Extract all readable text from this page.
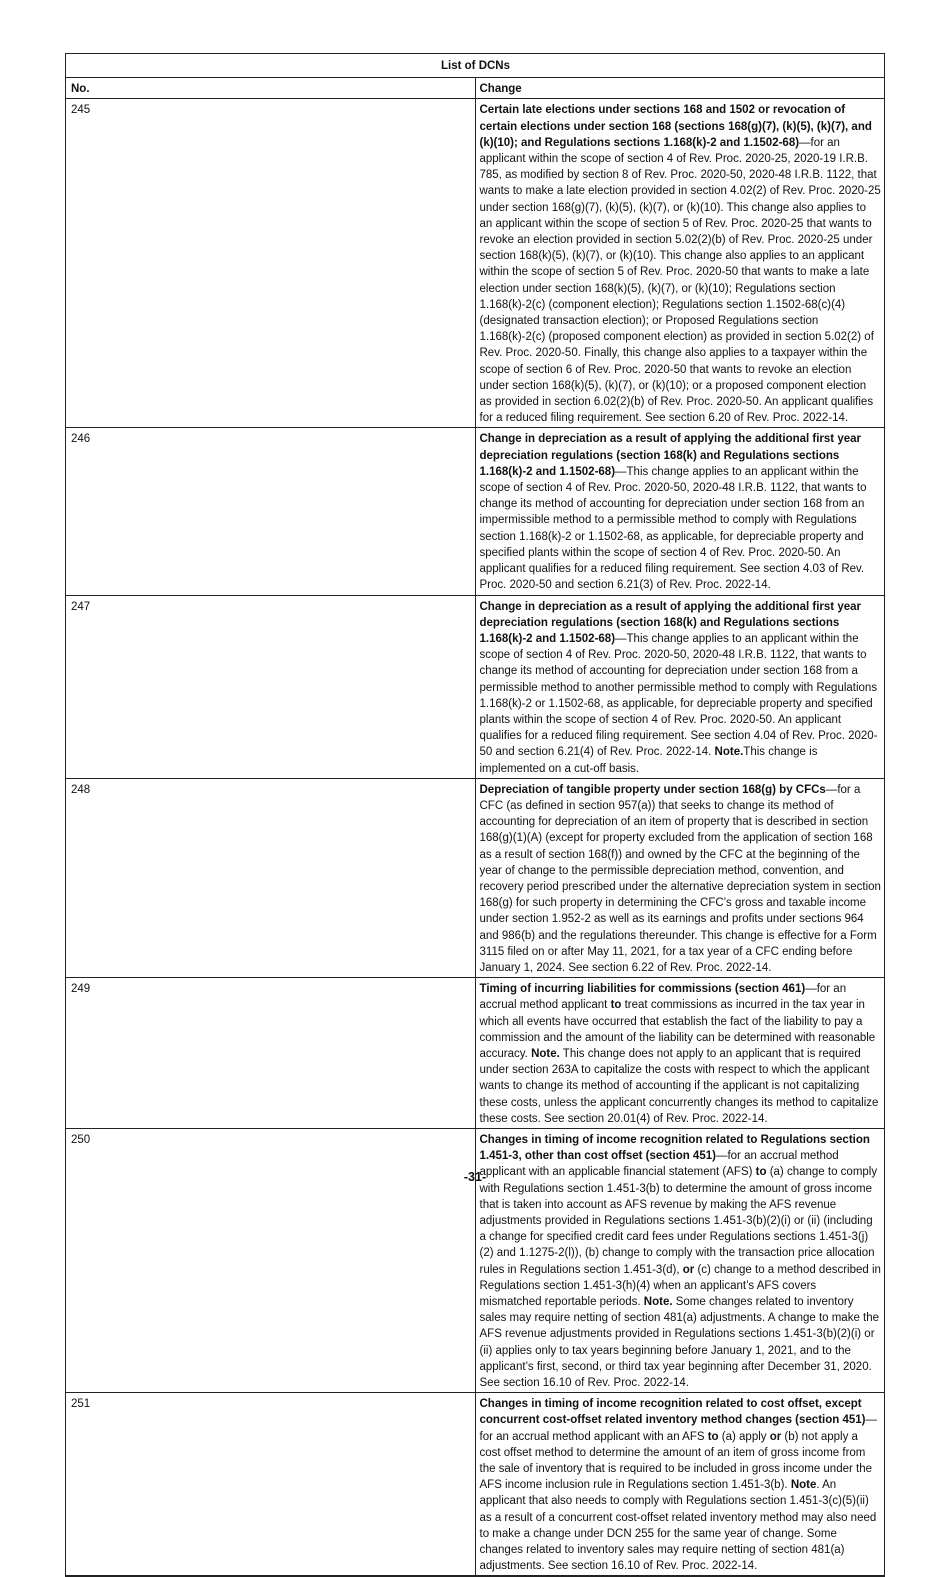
List of DCNs	
No.	Change
245	Certain late elections under sections 168 and 1502 or revocation of certain elections under section 168 (sections 168(g)(7), (k)(5), (k)(7), and (k)(10); and Regulations sections 1.168(k)-2 and 1.1502-68)—for an applicant within the scope of section 4 of Rev. Proc. 2020-25, 2020-19 I.R.B. 785, as modified by section 8 of Rev. Proc. 2020-50, 2020-48 I.R.B. 1122, that wants to make a late election provided in section 4.02(2) of Rev. Proc. 2020-25 under section 168(g)(7), (k)(5), (k)(7), or (k)(10). This change also applies to an applicant within the scope of section 5 of Rev. Proc. 2020-25 that wants to revoke an election provided in section 5.02(2)(b) of Rev. Proc. 2020-25 under section 168(k)(5), (k)(7), or (k)(10). This change also applies to an applicant within the scope of section 5 of Rev. Proc. 2020-50 that wants to make a late election under section 168(k)(5), (k)(7), or (k)(10); Regulations section 1.168(k)-2(c) (component election); Regulations section 1.1502-68(c)(4) (designated transaction election); or Proposed Regulations section 1.168(k)-2(c) (proposed component election) as provided in section 5.02(2) of Rev. Proc. 2020-50. Finally, this change also applies to a taxpayer within the scope of section 6 of Rev. Proc. 2020-50 that wants to revoke an election under section 168(k)(5), (k)(7), or (k)(10); or a proposed component election as provided in section 6.02(2)(b) of Rev. Proc. 2020-50. An applicant qualifies for a reduced filing requirement. See section 6.20 of Rev. Proc. 2022-14.
246	Change in depreciation as a result of applying the additional first year depreciation regulations (section 168(k) and Regulations sections 1.168(k)-2 and 1.1502-68)—This change applies to an applicant within the scope of section 4 of Rev. Proc. 2020-50, 2020-48 I.R.B. 1122, that wants to change its method of accounting for depreciation under section 168 from an impermissible method to a permissible method to comply with Regulations section 1.168(k)-2 or 1.1502-68, as applicable, for depreciable property and specified plants within the scope of section 4 of Rev. Proc. 2020-50. An applicant qualifies for a reduced filing requirement. See section 4.03 of Rev. Proc. 2020-50 and section 6.21(3) of Rev. Proc. 2022-14.
247	Change in depreciation as a result of applying the additional first year depreciation regulations (section 168(k) and Regulations sections 1.168(k)-2 and 1.1502-68)—This change applies to an applicant within the scope of section 4 of Rev. Proc. 2020-50, 2020-48 I.R.B. 1122, that wants to change its method of accounting for depreciation under section 168 from a permissible method to another permissible method to comply with Regulations 1.168(k)-2 or 1.1502-68, as applicable, for depreciable property and specified plants within the scope of section 4 of Rev. Proc. 2020-50. An applicant qualifies for a reduced filing requirement. See section 4.04 of Rev. Proc. 2020-50 and section 6.21(4) of Rev. Proc. 2022-14. Note.This change is implemented on a cut-off basis.
248	Depreciation of tangible property under section 168(g) by CFCs—for a CFC (as defined in section 957(a)) that seeks to change its method of accounting for depreciation of an item of property that is described in section 168(g)(1)(A) (except for property excluded from the application of section 168 as a result of section 168(f)) and owned by the CFC at the beginning of the year of change to the permissible depreciation method, convention, and recovery period prescribed under the alternative depreciation system in section 168(g) for such property in determining the CFC’s gross and taxable income under section 1.952-2 as well as its earnings and profits under sections 964 and 986(b) and the regulations thereunder. This change is effective for a Form 3115 filed on or after May 11, 2021, for a tax year of a CFC ending before January 1, 2024. See section 6.22 of Rev. Proc. 2022-14.
249	Timing of incurring liabilities for commissions (section 461)—for an accrual method applicant to treat commissions as incurred in the tax year in which all events have occurred that establish the fact of the liability to pay a commission and the amount of the liability can be determined with reasonable accuracy. Note. This change does not apply to an applicant that is required under section 263A to capitalize the costs with respect to which the applicant wants to change its method of accounting if the applicant is not capitalizing these costs, unless the applicant concurrently changes its method to capitalize these costs. See section 20.01(4) of Rev. Proc. 2022-14.
250	Changes in timing of income recognition related to Regulations section 1.451-3, other than cost offset (section 451)—for an accrual method applicant with an applicable financial statement (AFS) to (a) change to comply with Regulations section 1.451-3(b) to determine the amount of gross income that is taken into account as AFS revenue by making the AFS revenue adjustments provided in Regulations sections 1.451-3(b)(2)(i) or (ii) (including a change for specified credit card fees under Regulations sections 1.451-3(j)(2) and 1.1275-2(l)), (b) change to comply with the transaction price allocation rules in Regulations section 1.451-3(d), or (c) change to a method described in Regulations section 1.451-3(h)(4) when an applicant’s AFS covers mismatched reportable periods. Note. Some changes related to inventory sales may require netting of section 481(a) adjustments. A change to make the AFS revenue adjustments provided in Regulations sections 1.451-3(b)(2)(i) or (ii) applies only to tax years beginning before January 1, 2021, and to the applicant’s first, second, or third tax year beginning after December 31, 2020. See section 16.10 of Rev. Proc. 2022-14.
251	Changes in timing of income recognition related to cost offset, except concurrent cost-offset related inventory method changes (section 451)—for an accrual method applicant with an AFS to (a) apply or (b) not apply a cost offset method to determine the amount of an item of gross income from the sale of inventory that is required to be included in gross income under the AFS income inclusion rule in Regulations section 1.451-3(b). Note. An applicant that also needs to comply with Regulations section 1.451-3(c)(5)(ii) as a result of a concurrent cost-offset related inventory method may also need to make a change under DCN 255 for the same year of change. Some changes related to inventory sales may require netting of section 481(a) adjustments. See section 16.10 of Rev. Proc. 2022-14.
-31-
